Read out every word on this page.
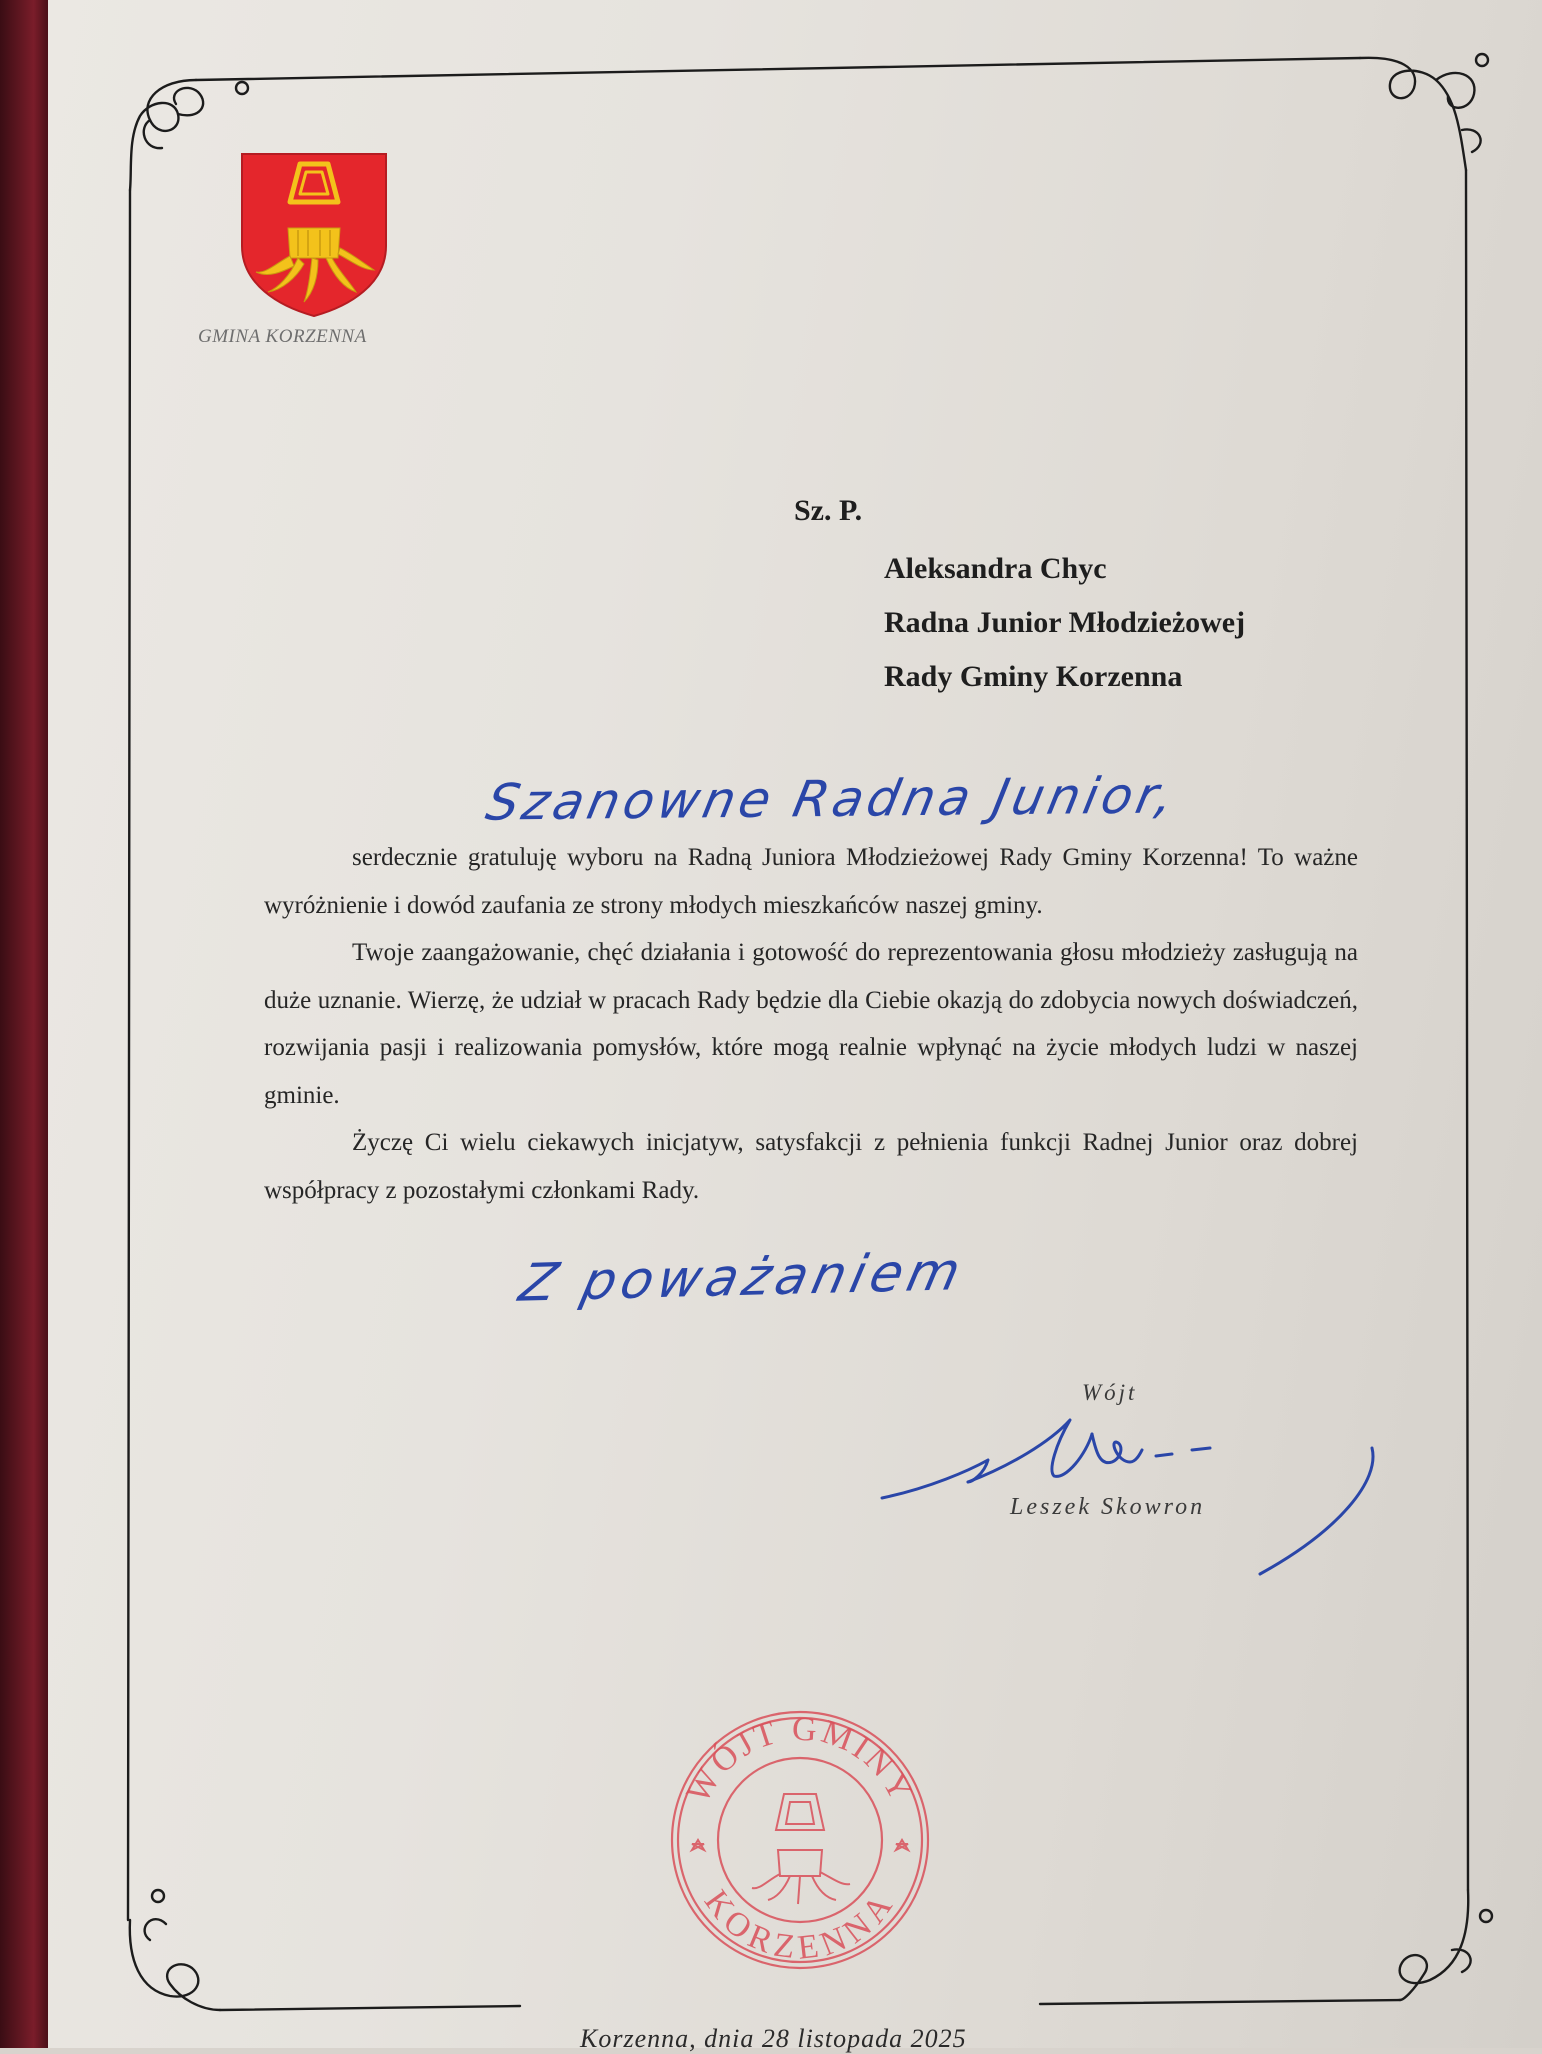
GMINA KORZENNA
Sz. P.
Aleksandra Chyc
Radna Junior Młodzieżowej
Rady Gminy Korzenna
Szanowne Radna Junior,

serdecznie gratuluję wyboru na Radną Juniora Młodzieżowej Rady Gminy Korzenna! To ważne wyróżnienie i dowód zaufania ze strony młodych mieszkańców naszej gminy.

Twoje zaangażowanie, chęć działania i gotowość do reprezentowania głosu młodzieży zasługują na duże uznanie. Wierzę, że udział w pracach Rady będzie dla Ciebie okazją do zdobycia nowych doświadczeń, rozwijania pasji i realizowania pomysłów, które mogą realnie wpłynąć na życie młodych ludzi w naszej gminie.

Życzę Ci wielu ciekawych inicjatyw, satysfakcji z pełnienia funkcji Radnej Junior oraz dobrej współpracy z pozostałymi członkami Rady.

Z poważaniem
Wójt
Leszek Skowron
WÓJT GMINY
KORZENNA
Korzenna, dnia 28 listopada 2025
